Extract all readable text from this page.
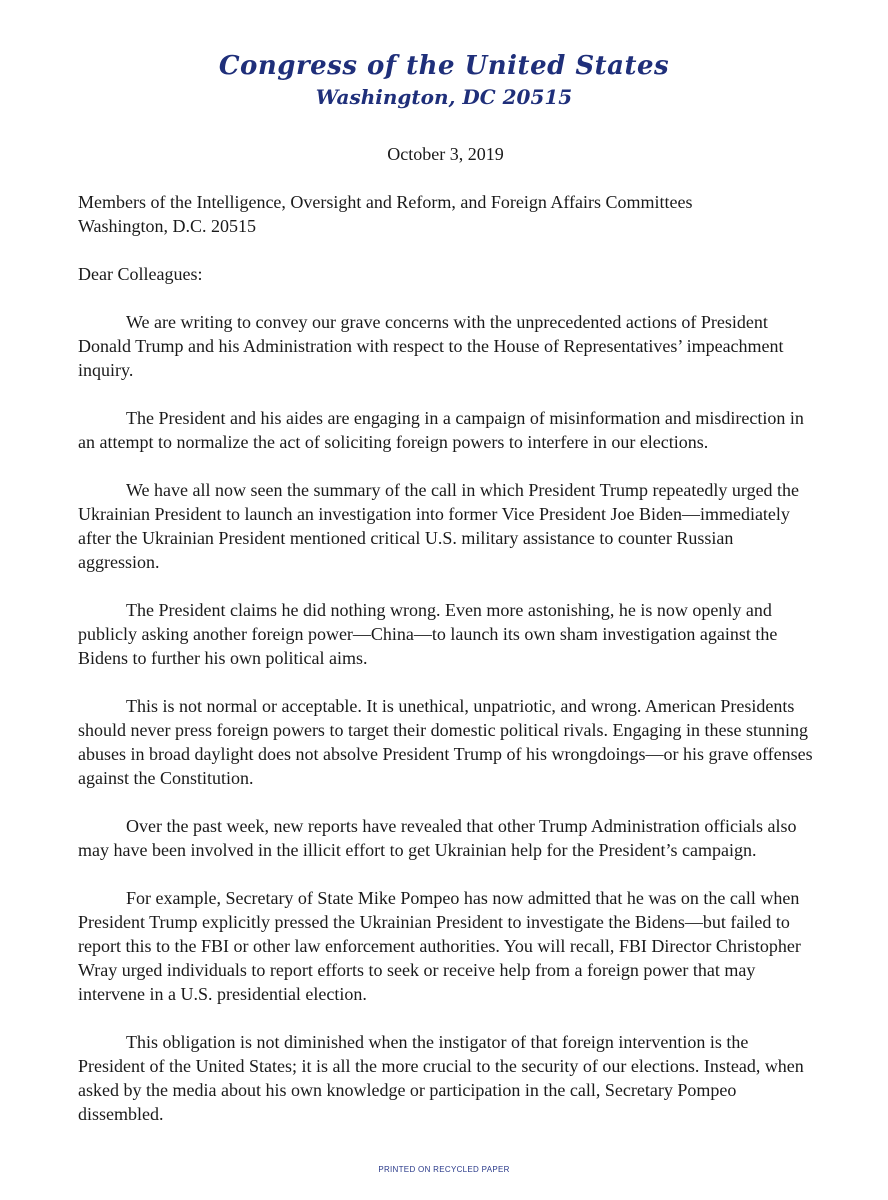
Congress of the United States
Washington, DC 20515

October 3, 2019

Members of the Intelligence, Oversight and Reform, and Foreign Affairs Committees

Washington, D.C. 20515

Dear Colleagues:

We are writing to convey our grave concerns with the unprecedented actions of President Donald Trump and his Administration with respect to the House of Representatives’ impeachment inquiry.

The President and his aides are engaging in a campaign of misinformation and misdirection in an attempt to normalize the act of soliciting foreign powers to interfere in our elections.

We have all now seen the summary of the call in which President Trump repeatedly urged the Ukrainian President to launch an investigation into former Vice President Joe Biden—immediately after the Ukrainian President mentioned critical U.S. military assistance to counter Russian aggression.

The President claims he did nothing wrong. Even more astonishing, he is now openly and publicly asking another foreign power—China—to launch its own sham investigation against the Bidens to further his own political aims.

This is not normal or acceptable. It is unethical, unpatriotic, and wrong. American Presidents should never press foreign powers to target their domestic political rivals. Engaging in these stunning abuses in broad daylight does not absolve President Trump of his wrongdoings—or his grave offenses against the Constitution.

Over the past week, new reports have revealed that other Trump Administration officials also may have been involved in the illicit effort to get Ukrainian help for the President’s campaign.

For example, Secretary of State Mike Pompeo has now admitted that he was on the call when President Trump explicitly pressed the Ukrainian President to investigate the Bidens—but failed to report this to the FBI or other law enforcement authorities. You will recall, FBI Director Christopher Wray urged individuals to report efforts to seek or receive help from a foreign power that may intervene in a U.S. presidential election.

This obligation is not diminished when the instigator of that foreign intervention is the President of the United States; it is all the more crucial to the security of our elections. Instead, when asked by the media about his own knowledge or participation in the call, Secretary Pompeo dissembled.

PRINTED ON RECYCLED PAPER
